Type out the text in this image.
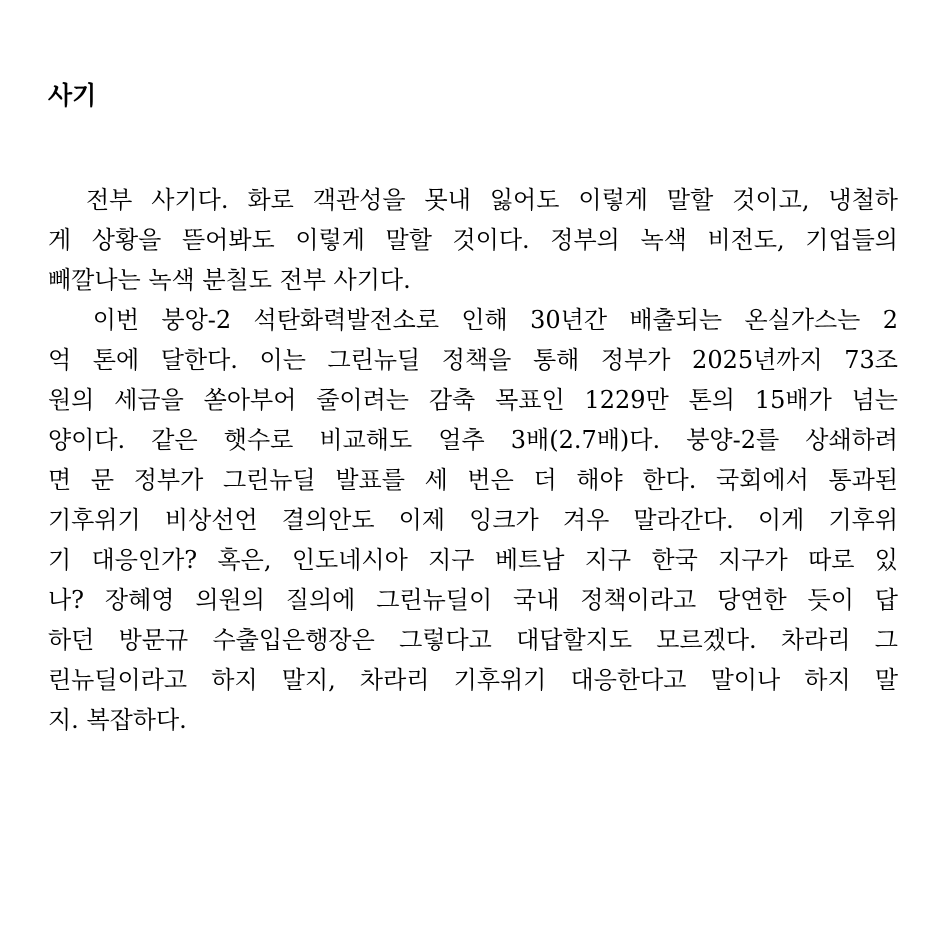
사기
전부 사기다. 화로 객관성을 못내 잃어도 이렇게 말할 것이고, 냉철하
게 상황을 뜯어봐도 이렇게 말할 것이다. 정부의 녹색 비전도, 기업들의
빼깔나는 녹색 분칠도 전부 사기다.
이번 붕앙-2 석탄화력발전소로 인해 30년간 배출되는 온실가스는 2
억 톤에 달한다. 이는 그린뉴딜 정책을 통해 정부가 2025년까지 73조
원의 세금을 쏟아부어 줄이려는 감축 목표인 1229만 톤의 15배가 넘는
양이다. 같은 햇수로 비교해도 얼추 3배(2.7배)다. 붕양-2를 상쇄하려
면 문 정부가 그린뉴딜 발표를 세 번은 더 해야 한다. 국회에서 통과된
기후위기 비상선언 결의안도 이제 잉크가 겨우 말라간다. 이게 기후위
기 대응인가? 혹은, 인도네시아 지구 베트남 지구 한국 지구가 따로 있
나? 장혜영 의원의 질의에 그린뉴딜이 국내 정책이라고 당연한 듯이 답
하던 방문규 수출입은행장은 그렇다고 대답할지도 모르겠다. 차라리 그
린뉴딜이라고 하지 말지, 차라리 기후위기 대응한다고 말이나 하지 말
지. 복잡하다.
